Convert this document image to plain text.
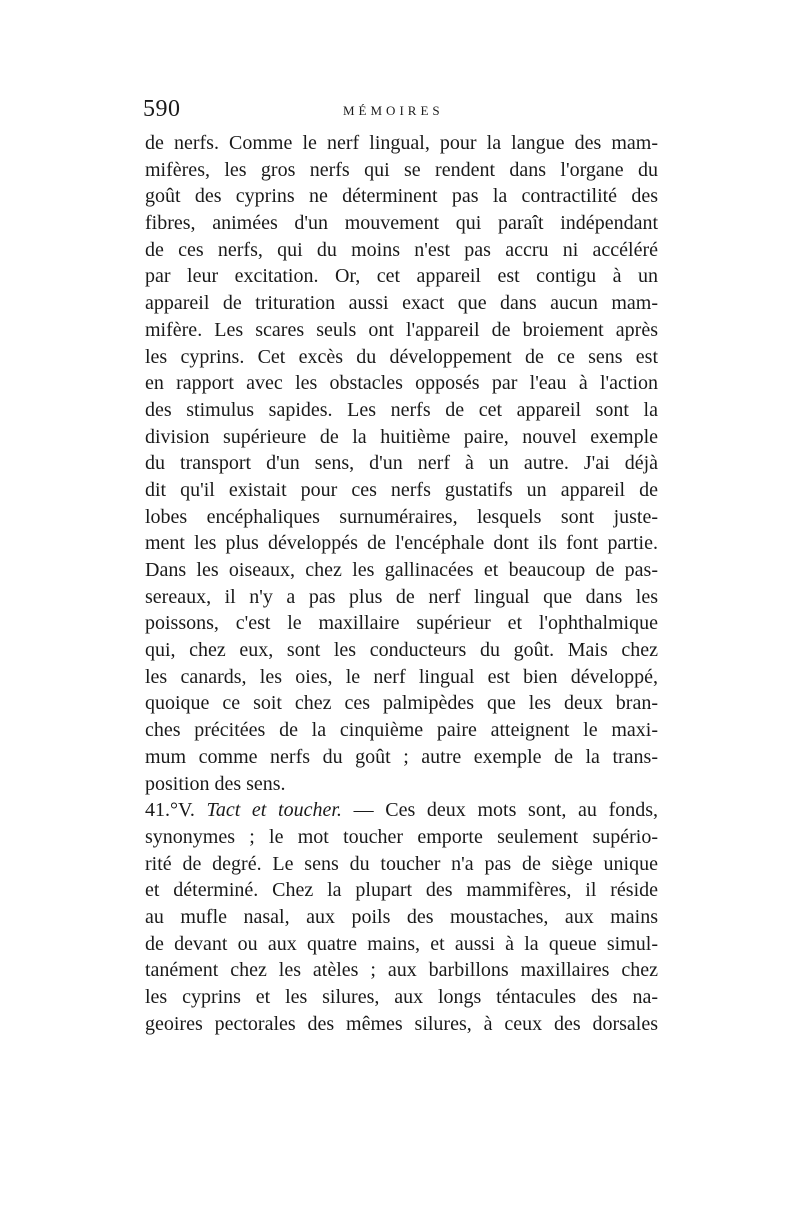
590	MÉMOIRES
de nerfs. Comme le nerf lingual, pour la langue des mam-
mifères, les gros nerfs qui se rendent dans l'organe du
goût des cyprins ne déterminent pas la contractilité des
fibres, animées d'un mouvement qui paraît indépendant
de ces nerfs, qui du moins n'est pas accru ni accéléré
par leur excitation. Or, cet appareil est contigu à un
appareil de trituration aussi exact que dans aucun mam-
mifère. Les scares seuls ont l'appareil de broiement après
les cyprins. Cet excès du développement de ce sens est
en rapport avec les obstacles opposés par l'eau à l'action
des stimulus sapides. Les nerfs de cet appareil sont la
division supérieure de la huitième paire, nouvel exemple
du transport d'un sens, d'un nerf à un autre. J'ai déjà
dit qu'il existait pour ces nerfs gustatifs un appareil de
lobes encéphaliques surnuméraires, lesquels sont juste-
ment les plus développés de l'encéphale dont ils font partie.
Dans les oiseaux, chez les gallinacées et beaucoup de pas-
sereaux, il n'y a pas plus de nerf lingual que dans les
poissons, c'est le maxillaire supérieur et l'ophthalmique
qui, chez eux, sont les conducteurs du goût. Mais chez
les canards, les oies, le nerf lingual est bien développé,
quoique ce soit chez ces palmipèdes que les deux bran-
ches précitées de la cinquième paire atteignent le maxi-
mum comme nerfs du goût ; autre exemple de la trans-
position des sens.
41.°V. Tact et toucher. — Ces deux mots sont, au fonds,
synonymes ; le mot toucher emporte seulement supério-
rité de degré. Le sens du toucher n'a pas de siège unique
et déterminé. Chez la plupart des mammifères, il réside
au mufle nasal, aux poils des moustaches, aux mains
de devant ou aux quatre mains, et aussi à la queue simul-
tanément chez les atèles ; aux barbillons maxillaires chez
les cyprins et les silures, aux longs téntacules des na-
geoires pectorales des mêmes silures, à ceux des dorsales
